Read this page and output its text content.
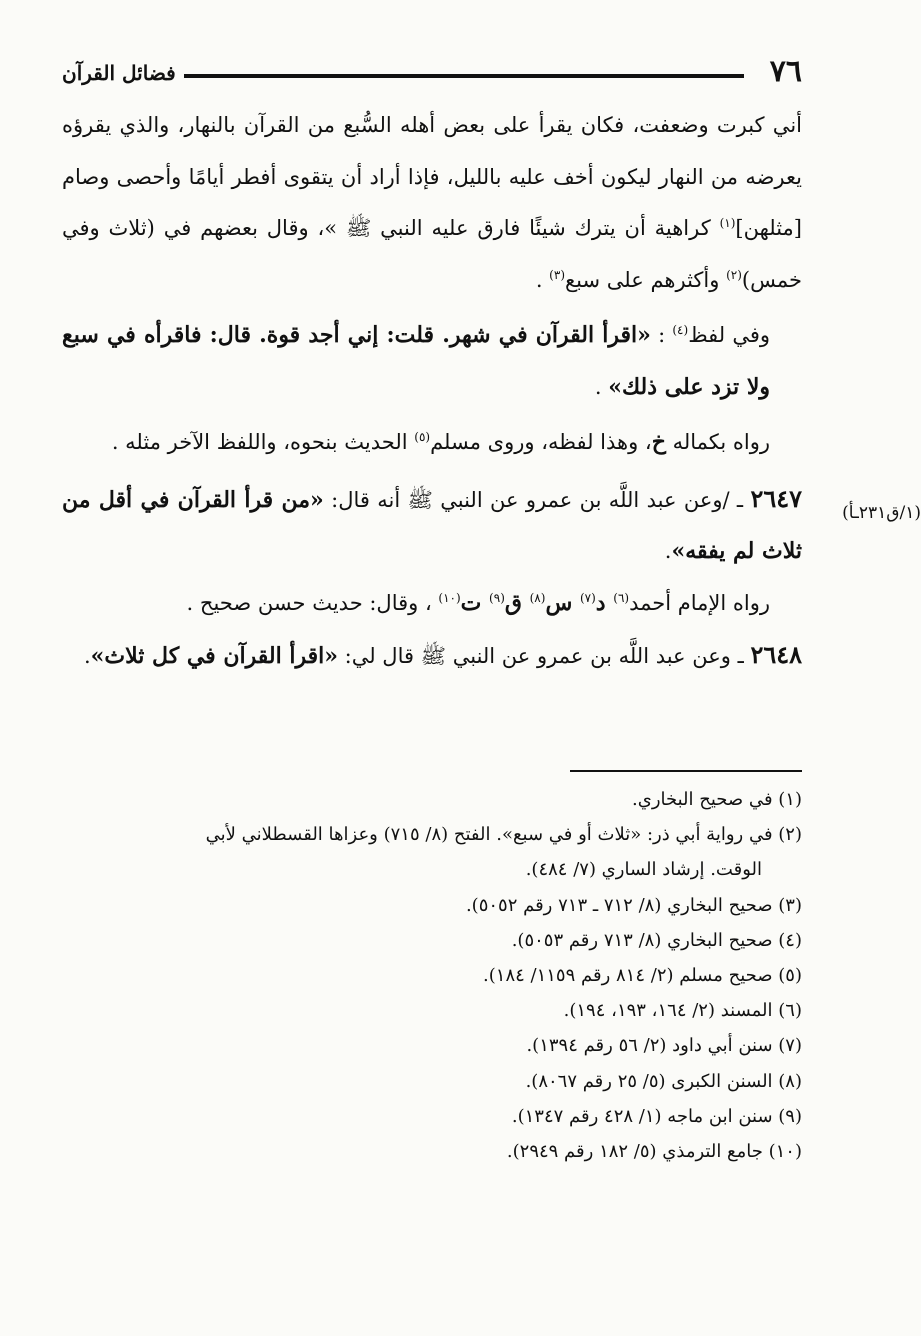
٧٦
فضائل القرآن
(١/ق٢٣١ـأ)

أني كبرت وضعفت، فكان يقرأ على بعض أهله السُّبع من القرآن بالنهار، والذي يقرؤه يعرضه من النهار ليكون أخف عليه بالليل، فإذا أراد أن يتقوى أفطر أيامًا وأحصى وصام [مثلهن]$^{(١)}$ كراهية أن يترك شيئًا فارق عليه النبي ﷺ »، وقال بعضهم في (ثلاث وفي خمس)$^{(٢)}$ وأكثرهم على سبع$^{(٣)}$ .

وفي لفظ$^{(٤)}$ : «اقرأ القرآن في شهر. قلت: إني أجد قوة. قال: فاقرأه في سبع ولا تزد على ذلك» .

رواه بكماله خ، وهذا لفظه، وروى مسلم$^{(٥)}$ الحديث بنحوه، واللفظ الآخر مثله .

٢٦٤٧ ـ /وعن عبد اللَّه بن عمرو عن النبي ﷺ أنه قال: «من قرأ القرآن في أقل من ثلاث لم يفقه».

رواه الإمام أحمد$^{(٦)}$ د$^{(٧)}$ س$^{(٨)}$ ق$^{(٩)}$ ت$^{(١٠)}$ ، وقال: حديث حسن صحيح .

٢٦٤٨ ـ وعن عبد اللَّه بن عمرو عن النبي ﷺ قال لي: «اقرأ القرآن في كل ثلاث».

(١) في صحيح البخاري.

(٢) في رواية أبي ذر: «ثلاث أو في سبع». الفتح (٨/ ٧١٥) وعزاها القسطلاني لأبي

الوقت. إرشاد الساري (٧/ ٤٨٤).

(٣) صحيح البخاري (٨/ ٧١٢ ـ ٧١٣ رقم ٥٠٥٢).

(٤) صحيح البخاري (٨/ ٧١٣ رقم ٥٠٥٣).

(٥) صحيح مسلم (٢/ ٨١٤ رقم ١١٥٩/ ١٨٤).

(٦) المسند (٢/ ١٦٤، ١٩٣، ١٩٤).

(٧) سنن أبي داود (٢/ ٥٦ رقم ١٣٩٤).

(٨) السنن الكبرى (٥/ ٢٥ رقم ٨٠٦٧).

(٩) سنن ابن ماجه (١/ ٤٢٨ رقم ١٣٤٧).

(١٠) جامع الترمذي (٥/ ١٨٢ رقم ٢٩٤٩).
